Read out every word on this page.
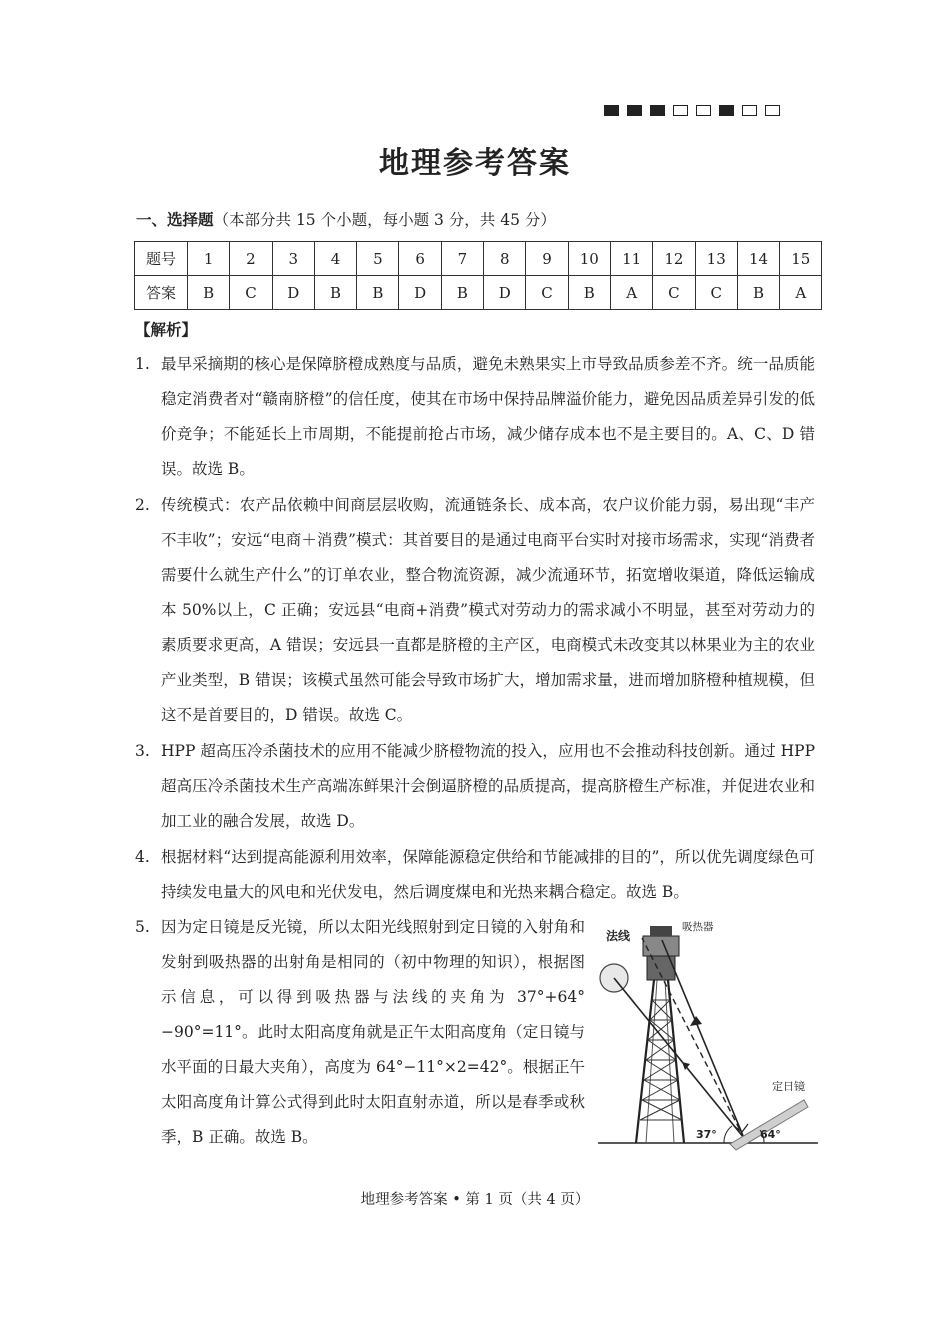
地理参考答案
一、选择题（本部分共 15 个小题，每小题 3 分，共 45 分）
题号	1	2	3	4	5	6	7	8	9	10	11	12	13	14	15
答案	B	C	D	B	B	D	B	D	C	B	A	C	C	B	A
【解析】
1. 最早采摘期的核心是保障脐橙成熟度与品质，避免未熟果实上市导致品质参差不齐。统一品质能稳定消费者对“赣南脐橙”的信任度，使其在市场中保持品牌溢价能力，避免因品质差异引发的低价竞争；不能延长上市周期，不能提前抢占市场，减少储存成本也不是主要目的。A、C、D 错误。故选 B。
2. 传统模式：农产品依赖中间商层层收购，流通链条长、成本高，农户议价能力弱，易出现“丰产不丰收”；安远“电商＋消费”模式：其首要目的是通过电商平台实时对接市场需求，实现“消费者需要什么就生产什么”的订单农业，整合物流资源，减少流通环节，拓宽增收渠道，降低运输成本 50%以上，C 正确；安远县“电商+消费”模式对劳动力的需求减小不明显，甚至对劳动力的素质要求更高，A 错误；安远县一直都是脐橙的主产区，电商模式未改变其以林果业为主的农业产业类型，B 错误；该模式虽然可能会导致市场扩大，增加需求量，进而增加脐橙种植规模，但这不是首要目的，D 错误。故选 C。
3. HPP 超高压冷杀菌技术的应用不能减少脐橙物流的投入，应用也不会推动科技创新。通过 HPP 超高压冷杀菌技术生产高端冻鲜果汁会倒逼脐橙的品质提高，提高脐橙生产标准，并促进农业和加工业的融合发展，故选 D。
4. 根据材料“达到提高能源利用效率，保障能源稳定供给和节能减排的目的”，所以优先调度绿色可持续发电量大的风电和光伏发电，然后调度煤电和光热来耦合稳定。故选 B。
5. 因为定日镜是反光镜，所以太阳光线照射到定日镜的入射角和发射到吸热器的出射角是相同的（初中物理的知识），根据图示信息，可以得到吸热器与法线的夹角为 37°+64°−90°=11°。此时太阳高度角就是正午太阳高度角（定日镜与水平面的日最大夹角），高度为 64°−11°×2=42°。根据正午太阳高度角计算公式得到此时太阳直射赤道，所以是春季或秋季，B 正确。故选 B。
法线
吸热器
定日镜
37°	64°
地理参考答案 • 第 1 页（共 4 页）
